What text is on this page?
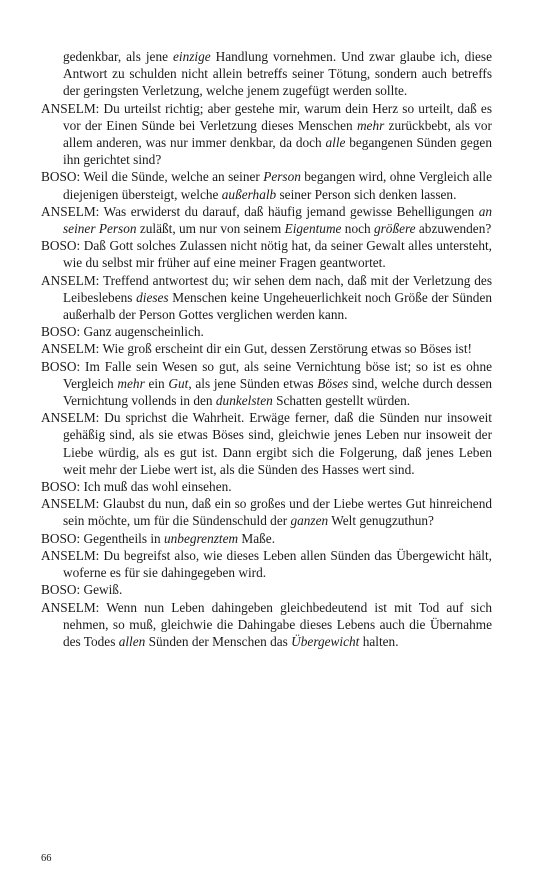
gedenkbar, als jene einzige Handlung vornehmen. Und zwar glaube ich, diese Antwort zu schulden nicht allein betreffs seiner Tötung, sondern auch betreffs der geringsten Verletzung, welche jenem zugefügt werden sollte.

ANSELM: Du urteilst richtig; aber gestehe mir, warum dein Herz so urteilt, daß es vor der Einen Sünde bei Verletzung dieses Menschen mehr zurückbebt, als vor allem anderen, was nur immer denkbar, da doch alle begangenen Sünden gegen ihn gerichtet sind?

BOSO: Weil die Sünde, welche an seiner Person begangen wird, ohne Vergleich alle diejenigen übersteigt, welche außerhalb seiner Person sich denken lassen.

ANSELM: Was erwiderst du darauf, daß häufig jemand gewisse Behelligungen an seiner Person zuläßt, um nur von seinem Eigentume noch größere abzuwenden?

BOSO: Daß Gott solches Zulassen nicht nötig hat, da seiner Gewalt alles untersteht, wie du selbst mir früher auf eine meiner Fragen geantwortet.

ANSELM: Treffend antwortest du; wir sehen dem nach, daß mit der Verletzung des Leibeslebens dieses Menschen keine Ungeheuerlichkeit noch Größe der Sünden außerhalb der Person Gottes verglichen werden kann.

BOSO: Ganz augenscheinlich.

ANSELM: Wie groß erscheint dir ein Gut, dessen Zerstörung etwas so Böses ist!

BOSO: Im Falle sein Wesen so gut, als seine Vernichtung böse ist; so ist es ohne Vergleich mehr ein Gut, als jene Sünden etwas Böses sind, welche durch dessen Vernichtung vollends in den dunkelsten Schatten gestellt würden.

ANSELM: Du sprichst die Wahrheit. Erwäge ferner, daß die Sünden nur insoweit gehäßig sind, als sie etwas Böses sind, gleichwie jenes Leben nur insoweit der Liebe würdig, als es gut ist. Dann ergibt sich die Folgerung, daß jenes Leben weit mehr der Liebe wert ist, als die Sünden des Hasses wert sind.

BOSO: Ich muß das wohl einsehen.

ANSELM: Glaubst du nun, daß ein so großes und der Liebe wertes Gut hinreichend sein möchte, um für die Sündenschuld der ganzen Welt genugzuthun?

BOSO: Gegentheils in unbegrenztem Maße.

ANSELM: Du begreifst also, wie dieses Leben allen Sünden das Übergewicht hält, woferne es für sie dahingegeben wird.

BOSO: Gewiß.

ANSELM: Wenn nun Leben dahingeben gleichbedeutend ist mit Tod auf sich nehmen, so muß, gleichwie die Dahingabe dieses Lebens auch die Übernahme des Todes allen Sünden der Menschen das Übergewicht halten.

66
